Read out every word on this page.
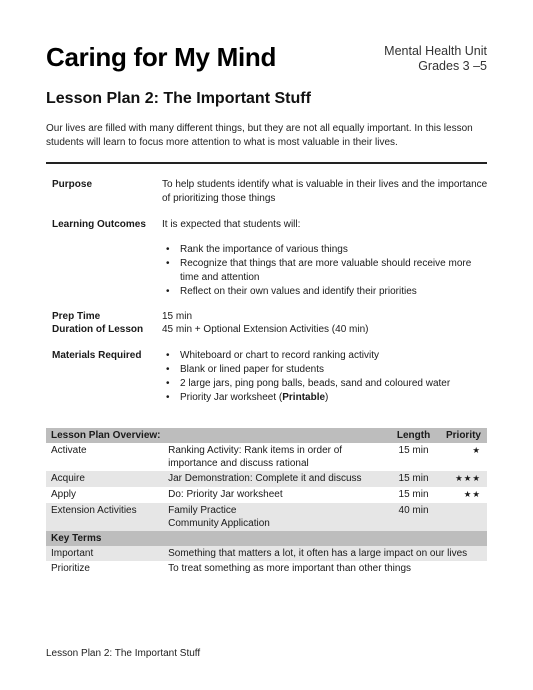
Caring for My Mind	Mental Health Unit
Grades 3 –5
Lesson Plan 2: The Important Stuff
Our lives are filled with many different things, but they are not all equally important. In this lesson students will learn to focus more attention to what is most valuable in their lives.
Purpose	To help students identify what is valuable in their lives and the importance of prioritizing those things
Learning Outcomes	It is expected that students will:
• Rank the importance of various things
• Recognize that things that are more valuable should receive more time and attention
• Reflect on their own values and identify their priorities
Prep Time	15 min
Duration of Lesson	45 min + Optional Extension Activities (40 min)
Materials Required	• Whiteboard or chart to record ranking activity
• Blank or lined paper for students
• 2 large jars, ping pong balls, beads, sand and coloured water
• Priority Jar worksheet (Printable)
Lesson Plan Overview:		Length	Priority
Activate	Ranking Activity: Rank items in order of
importance and discuss rational	15 min	★
Acquire	Jar Demonstration: Complete it and discuss	15 min	★★★
Apply	Do: Priority Jar worksheet	15 min	★★
Extension Activities	Family Practice
Community Application	40 min	
Key Terms			
Important	Something that matters a lot, it often has a large impact on our lives		
Prioritize	To treat something as more important than other things		
Lesson Plan 2: The Important Stuff
